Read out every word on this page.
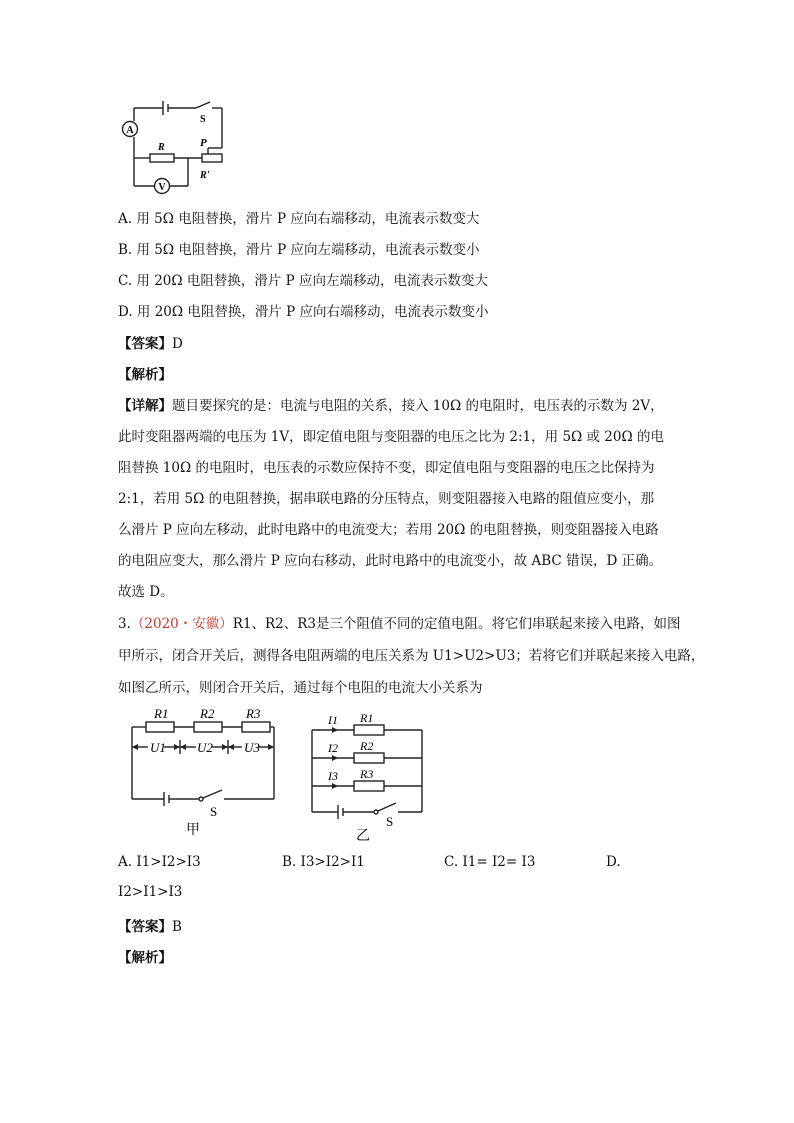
A
V
S
R	P
R'
A. 用 5Ω 电阻替换，滑片 P 应向右端移动，电流表示数变大
B. 用 5Ω 电阻替换，滑片 P 应向左端移动，电流表示数变小
C. 用 20Ω 电阻替换，滑片 P 应向左端移动，电流表示数变大
D. 用 20Ω 电阻替换，滑片 P 应向右端移动，电流表示数变小
【答案】D
【解析】
【详解】题目要探究的是：电流与电阻的关系，接入 10Ω 的电阻时，电压表的示数为 2V，
此时变阻器两端的电压为 1V，即定值电阻与变阻器的电压之比为 2:1，用 5Ω 或 20Ω 的电
阻替换 10Ω 的电阻时，电压表的示数应保持不变，即定值电阻与变阻器的电压之比保持为
2:1，若用 5Ω 的电阻替换，据串联电路的分压特点，则变阻器接入电路的阻值应变小，那
么滑片 P 应向左移动，此时电路中的电流变大；若用 20Ω 的电阻替换，则变阻器接入电路
的电阻应变大，那么滑片 P 应向右移动，此时电路中的电流变小，故 ABC 错误，D 正确。
故选 D。
3.（2020・安徽）R1、R2、R3是三个阻值不同的定值电阻。将它们串联起来接入电路，如图
甲所示，闭合开关后，测得各电阻两端的电压关系为 U1>U2>U3；若将它们并联起来接入电路，
如图乙所示，则闭合开关后，通过每个电阻的电流大小关系为
R1 R2 R3
U1 U2 U3
S
甲
I1
I2
I3
R1
R2
R3
S
乙
A. I1>I2>I3	B. I3>I2>I1	C. I1= I2= I3	D.
I2>I1>I3
【答案】B
【解析】
